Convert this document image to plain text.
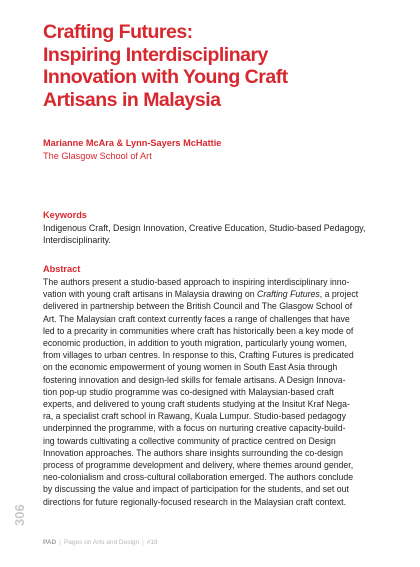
Crafting Futures:
Inspiring Interdisciplinary
Innovation with Young Craft
Artisans in Malaysia
Marianne McAra & Lynn-Sayers McHattie
The Glasgow School of Art
Keywords
Indigenous Craft, Design Innovation, Creative Education, Studio-based Pedagogy, Interdisciplinarity.
Abstract
The authors present a studio-based approach to inspiring interdisciplinary inno-
vation with young craft artisans in Malaysia drawing on Crafting Futures, a project
delivered in partnership between the British Council and The Glasgow School of
Art. The Malaysian craft context currently faces a range of challenges that have
led to a precarity in communities where craft has historically been a key mode of
economic production, in addition to youth migration, particularly young women,
from villages to urban centres. In response to this, Crafting Futures is predicated
on the economic empowerment of young women in South East Asia through
fostering innovation and design-led skills for female artisans. A Design Innova-
tion pop-up studio programme was co-designed with Malaysian-based craft
experts, and delivered to young craft students studying at the Insitut Kraf Nega-
ra, a specialist craft school in Rawang, Kuala Lumpur. Studio-based pedagogy
underpinned the programme, with a focus on nurturing creative capacity-build-
ing towards cultivating a collective community of practice centred on Design
Innovation approaches. The authors share insights surrounding the co-design
process of programme development and delivery, where themes around gender,
neo-colonialism and cross-cultural collaboration emerged. The authors conclude
by discussing the value and impact of participation for the students, and set out
directions for future regionally-focused research in the Malaysian craft context.
306
PAD | Pages on Arts and Design | #18
